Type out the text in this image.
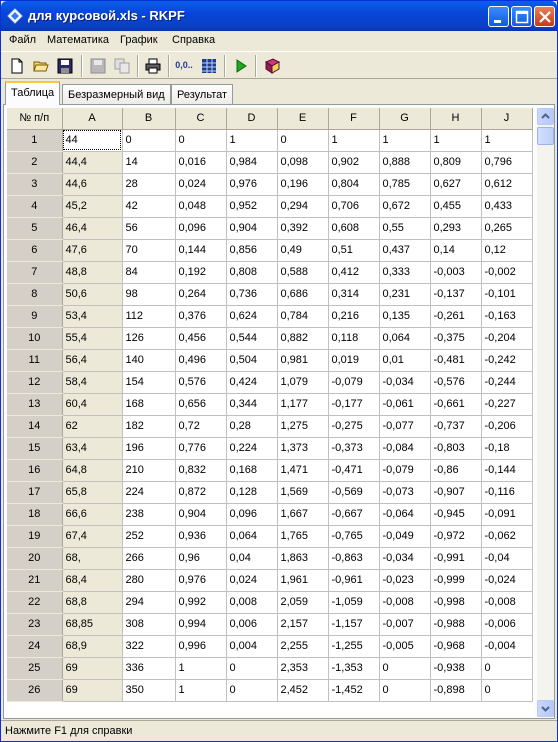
для курсовой.xls - RKPF
Файл Математика График Справка
0,0..
Таблица	Безразмерный вид	Результат
№ п/п	A	B	C	D	E	F	G	H	J
1	44	0	0	1	0	1	1	1	1
2	44,4	14	0,016	0,984	0,098	0,902	0,888	0,809	0,796
3	44,6	28	0,024	0,976	0,196	0,804	0,785	0,627	0,612
4	45,2	42	0,048	0,952	0,294	0,706	0,672	0,455	0,433
5	46,4	56	0,096	0,904	0,392	0,608	0,55	0,293	0,265
6	47,6	70	0,144	0,856	0,49	0,51	0,437	0,14	0,12
7	48,8	84	0,192	0,808	0,588	0,412	0,333	-0,003	-0,002
8	50,6	98	0,264	0,736	0,686	0,314	0,231	-0,137	-0,101
9	53,4	112	0,376	0,624	0,784	0,216	0,135	-0,261	-0,163
10	55,4	126	0,456	0,544	0,882	0,118	0,064	-0,375	-0,204
11	56,4	140	0,496	0,504	0,981	0,019	0,01	-0,481	-0,242
12	58,4	154	0,576	0,424	1,079	-0,079	-0,034	-0,576	-0,244
13	60,4	168	0,656	0,344	1,177	-0,177	-0,061	-0,661	-0,227
14	62	182	0,72	0,28	1,275	-0,275	-0,077	-0,737	-0,206
15	63,4	196	0,776	0,224	1,373	-0,373	-0,084	-0,803	-0,18
16	64,8	210	0,832	0,168	1,471	-0,471	-0,079	-0,86	-0,144
17	65,8	224	0,872	0,128	1,569	-0,569	-0,073	-0,907	-0,116
18	66,6	238	0,904	0,096	1,667	-0,667	-0,064	-0,945	-0,091
19	67,4	252	0,936	0,064	1,765	-0,765	-0,049	-0,972	-0,062
20	68,	266	0,96	0,04	1,863	-0,863	-0,034	-0,991	-0,04
21	68,4	280	0,976	0,024	1,961	-0,961	-0,023	-0,999	-0,024
22	68,8	294	0,992	0,008	2,059	-1,059	-0,008	-0,998	-0,008
23	68,85	308	0,994	0,006	2,157	-1,157	-0,007	-0,988	-0,006
24	68,9	322	0,996	0,004	2,255	-1,255	-0,005	-0,968	-0,004
25	69	336	1	0	2,353	-1,353	0	-0,938	0
26	69	350	1	0	2,452	-1,452	0	-0,898	0
Нажмите F1 для справки
